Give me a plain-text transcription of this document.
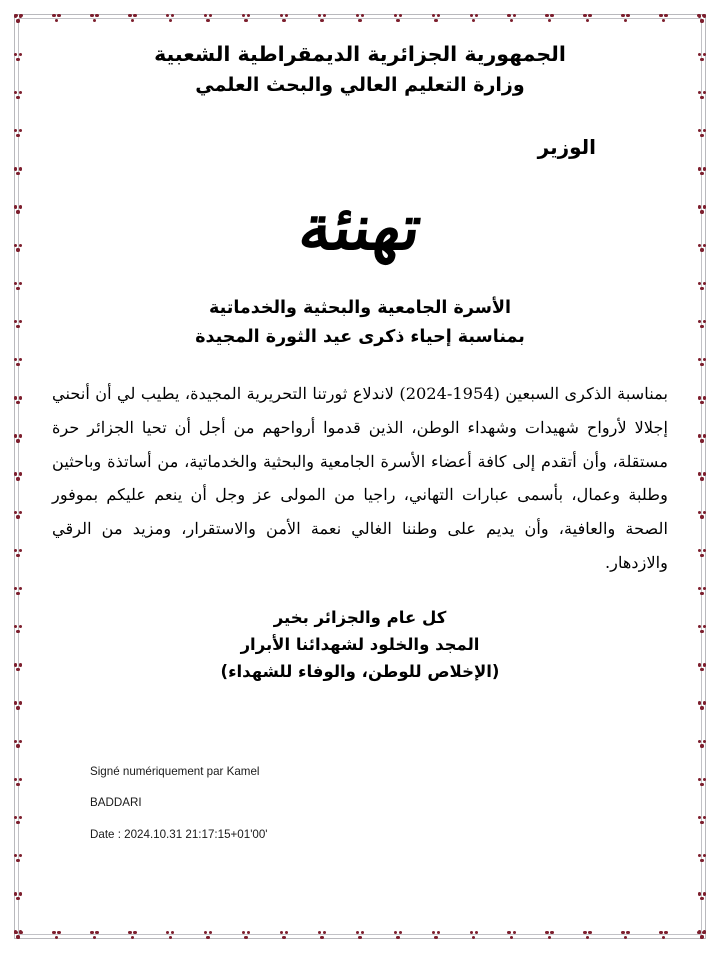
الجمهورية الجزائرية الديمقراطية الشعبية
وزارة التعليم العالي والبحث العلمي
الوزير
تهنئة
الأسرة الجامعية والبحثية والخدماتية
بمناسبة إحياء ذكرى عيد الثورة المجيدة
بمناسبة الذكرى السبعين (1954-2024) لاندلاع ثورتنا التحريرية المجيدة، يطيب لي أن أنحني إجلالا لأرواح شهيدات وشهداء الوطن، الذين قدموا أرواحهم من أجل أن تحيا الجزائر حرة مستقلة، وأن أتقدم إلى كافة أعضاء الأسرة الجامعية والبحثية والخدماتية، من أساتذة وباحثين وطلبة وعمال، بأسمى عبارات التهاني، راجيا من المولى عز وجل أن ينعم عليكم بموفور الصحة والعافية، وأن يديم على وطننا الغالي نعمة الأمن والاستقرار، ومزيد من الرقي والازدهار.
كل عام والجزائر بخير
المجد والخلود لشهدائنا الأبرار
(الإخلاص للوطن، والوفاء للشهداء)

Signé numériquement par Kamel

BADDARI

Date : 2024.10.31 21:17:15+01'00'
